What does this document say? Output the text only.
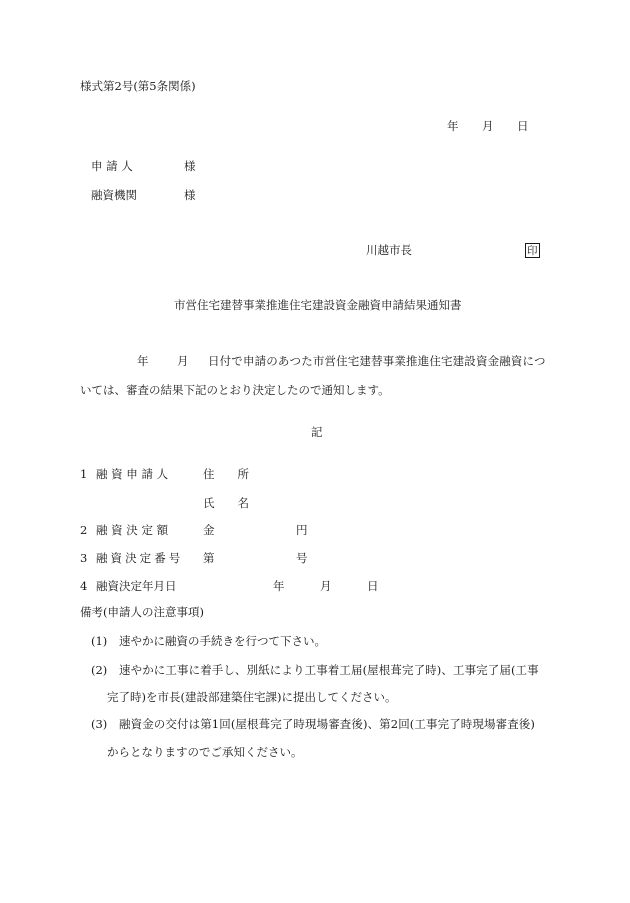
様式第2号(第5条関係)
年 月 日
申 請 人	様
融資機関	様
川越市長	印
市営住宅建替事業推進住宅建設資金融資申請結果通知書
年 月 日付で申請のあつた市営住宅建替事業推進住宅建設資金融資につ
いては、審査の結果下記のとおり決定したので通知します。
記
1 融 資 申 請 人	住　　所
氏　　名
2 融 資 決 定 額	金	円
3 融 資 決 定 番 号 第	号
4 融資決定年月日	年	月	日
備考(申請人の注意事項)
(1) 速やかに融資の手続きを行つて下さい。
(2) 速やかに工事に着手し、別紙により工事着工届(屋根葺完了時)、工事完了届(工事
完了時)を市長(建設部建築住宅課)に提出してください。
(3) 融資金の交付は第1回(屋根葺完了時現場審査後)、第2回(工事完了時現場審査後)
からとなりますのでご承知ください。
